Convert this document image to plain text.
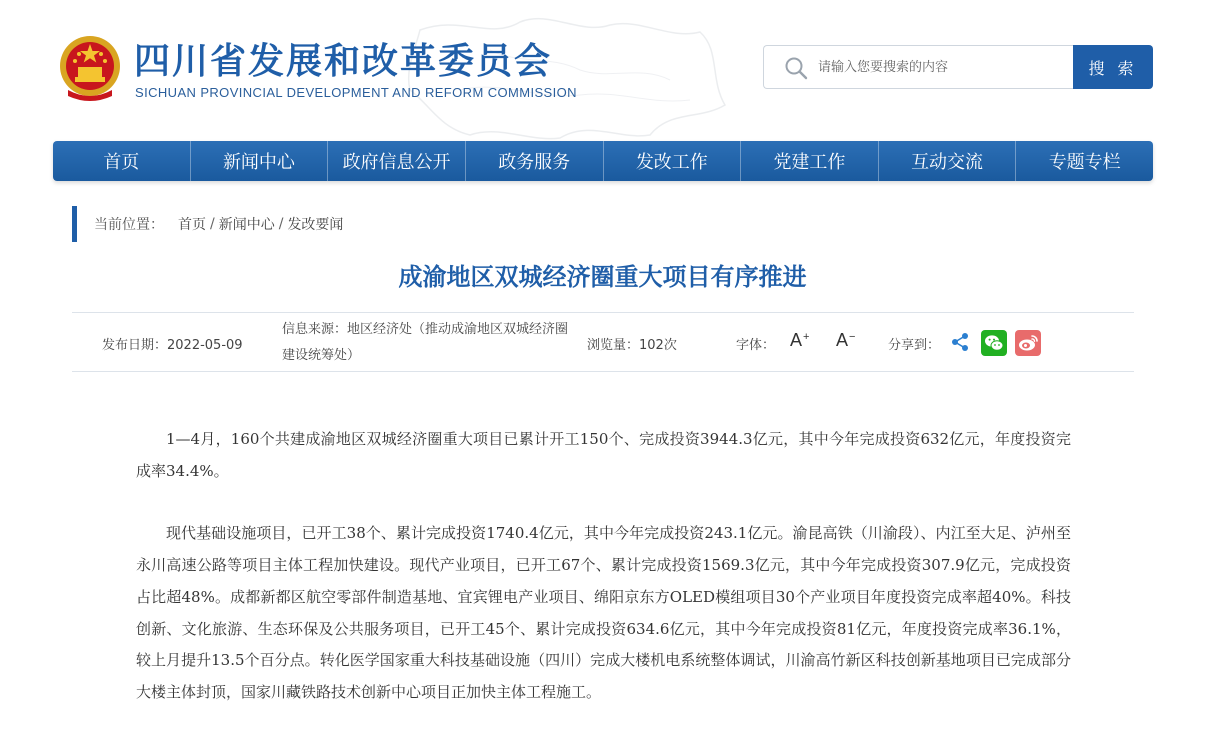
四川省发展和改革委员会
SICHUAN PROVINCIAL DEVELOPMENT AND REFORM COMMISSION
请输入您要搜索的内容
搜 索
首页	新闻中心	政府信息公开	政务服务	发改工作	党建工作	互动交流	专题专栏
当前位置： 首页 / 新闻中心 / 发改要闻
成渝地区双城经济圈重大项目有序推进
发布日期：2022-05-09
信息来源：地区经济处（推动成渝地区双城经济圈建设统筹处）
浏览量：102次	字体： A+ A−
分享到：

1—4月，160个共建成渝地区双城经济圈重大项目已累计开工150个、完成投资3944.3亿元，其中今年完成投资632亿元，年度投资完成率34.4%。

现代基础设施项目，已开工38个、累计完成投资1740.4亿元，其中今年完成投资243.1亿元。渝昆高铁（川渝段）、内江至大足、泸州至永川高速公路等项目主体工程加快建设。现代产业项目，已开工67个、累计完成投资1569.3亿元，其中今年完成投资307.9亿元，完成投资占比超48%。成都新都区航空零部件制造基地、宜宾锂电产业项目、绵阳京东方OLED模组项目30个产业项目年度投资完成率超40%。科技创新、文化旅游、生态环保及公共服务项目，已开工45个、累计完成投资634.6亿元，其中今年完成投资81亿元，年度投资完成率36.1%，较上月提升13.5个百分点。转化医学国家重大科技基础设施（四川）完成大楼机电系统整体调试，川渝高竹新区科技创新基地项目已完成部分大楼主体封顶，国家川藏铁路技术创新中心项目正加快主体工程施工。
